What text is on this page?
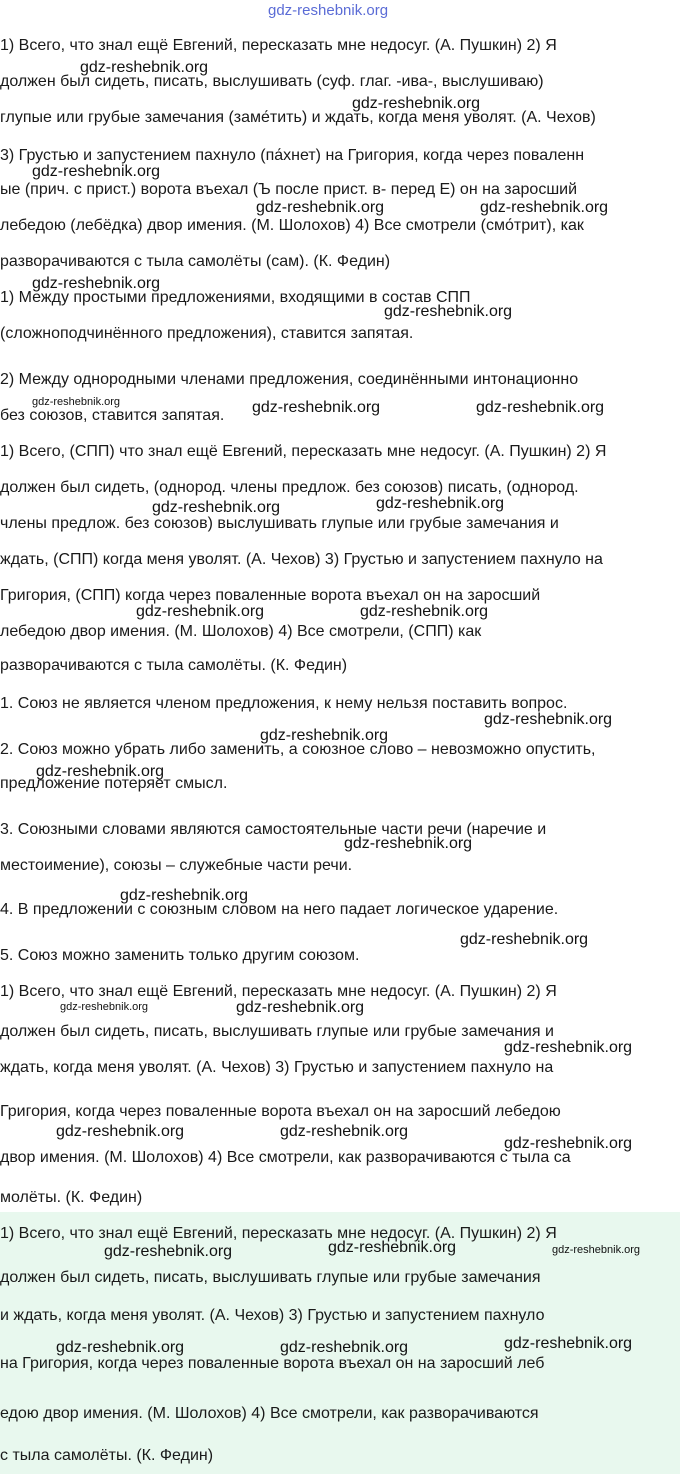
1) Всего, что знал ещё Евгений, пересказать мне недосуг. (А. Пушкин) 2) Я
должен был сидеть, писать, выслушивать (суф. глаг. -ива-, выслушиваю)
глупые или грубые замечания (заме́тить) и ждать, когда меня уволят. (А. Чехов)
3) Грустью и запустением пахнуло (па́хнет) на Григория, когда через поваленн
ые (прич. с прист.) ворота въехал (Ъ после прист. в- перед Е) он на заросший
лебедою (лебёдка) двор имения. (М. Шолохов) 4) Все смотрели (смо́трит), как
разворачиваются с тыла самолёты (сам). (К. Федин)
1) Между простыми предложениями, входящими в состав СПП
(сложноподчинённого предложения), ставится запятая.
2) Между однородными членами предложения, соединёнными интонационно
без союзов, ставится запятая.
1) Всего, (СПП) что знал ещё Евгений, пересказать мне недосуг. (А. Пушкин) 2) Я
должен был сидеть, (однород. члены предлож. без союзов) писать, (однород.
члены предлож. без союзов) выслушивать глупые или грубые замечания и
ждать, (СПП) когда меня уволят. (А. Чехов) 3) Грустью и запустением пахнуло на
Григория, (СПП) когда через поваленные ворота въехал он на заросший
лебедою двор имения. (М. Шолохов) 4) Все смотрели, (СПП) как
разворачиваются с тыла самолёты. (К. Федин)
1. Союз не является членом предложения, к нему нельзя поставить вопрос.
2. Союз можно убрать либо заменить, а союзное слово – невозможно опустить,
предложение потеряет смысл.
3. Союзными словами являются самостоятельные части речи (наречие и
местоимение), союзы – служебные части речи.
4. В предложении с союзным словом на него падает логическое ударение.
5. Союз можно заменить только другим союзом.
1) Всего, что знал ещё Евгений, пересказать мне недосуг. (А. Пушкин) 2) Я
должен был сидеть, писать, выслушивать глупые или грубые замечания и
ждать, когда меня уволят. (А. Чехов) 3) Грустью и запустением пахнуло на
Григория, когда через поваленные ворота въехал он на заросший лебедою
двор имения. (М. Шолохов) 4) Все смотрели, как разворачиваются с тыла са
молёты. (К. Федин)
1) Всего, что знал ещё Евгений, пересказать мне недосуг. (А. Пушкин) 2) Я
должен был сидеть, писать, выслушивать глупые или грубые замечания
и ждать, когда меня уволят. (А. Чехов) 3) Грустью и запустением пахнуло
на Григория, когда через поваленные ворота въехал он на заросший леб
едою двор имения. (М. Шолохов) 4) Все смотрели, как разворачиваются
с тыла самолёты. (К. Федин)
gdz-reshebnik.org
gdz-reshebnik.org
gdz-reshebnik.org
gdz-reshebnik.org
gdz-reshebnik.org	gdz-reshebnik.org
gdz-reshebnik.org
gdz-reshebnik.org
gdz-reshebnik.org	gdz-reshebnik.org	gdz-reshebnik.org
gdz-reshebnik.org
gdz-reshebnik.org
gdz-reshebnik.org	gdz-reshebnik.org
gdz-reshebnik.org
gdz-reshebnik.org
gdz-reshebnik.org
gdz-reshebnik.org
gdz-reshebnik.org
gdz-reshebnik.org
gdz-reshebnik.org	gdz-reshebnik.org
gdz-reshebnik.org
gdz-reshebnik.org	gdz-reshebnik.org
gdz-reshebnik.org
gdz-reshebnik.org	gdz-reshebnik.org	gdz-reshebnik.org
gdz-reshebnik.org	gdz-reshebnik.org	gdz-reshebnik.org
